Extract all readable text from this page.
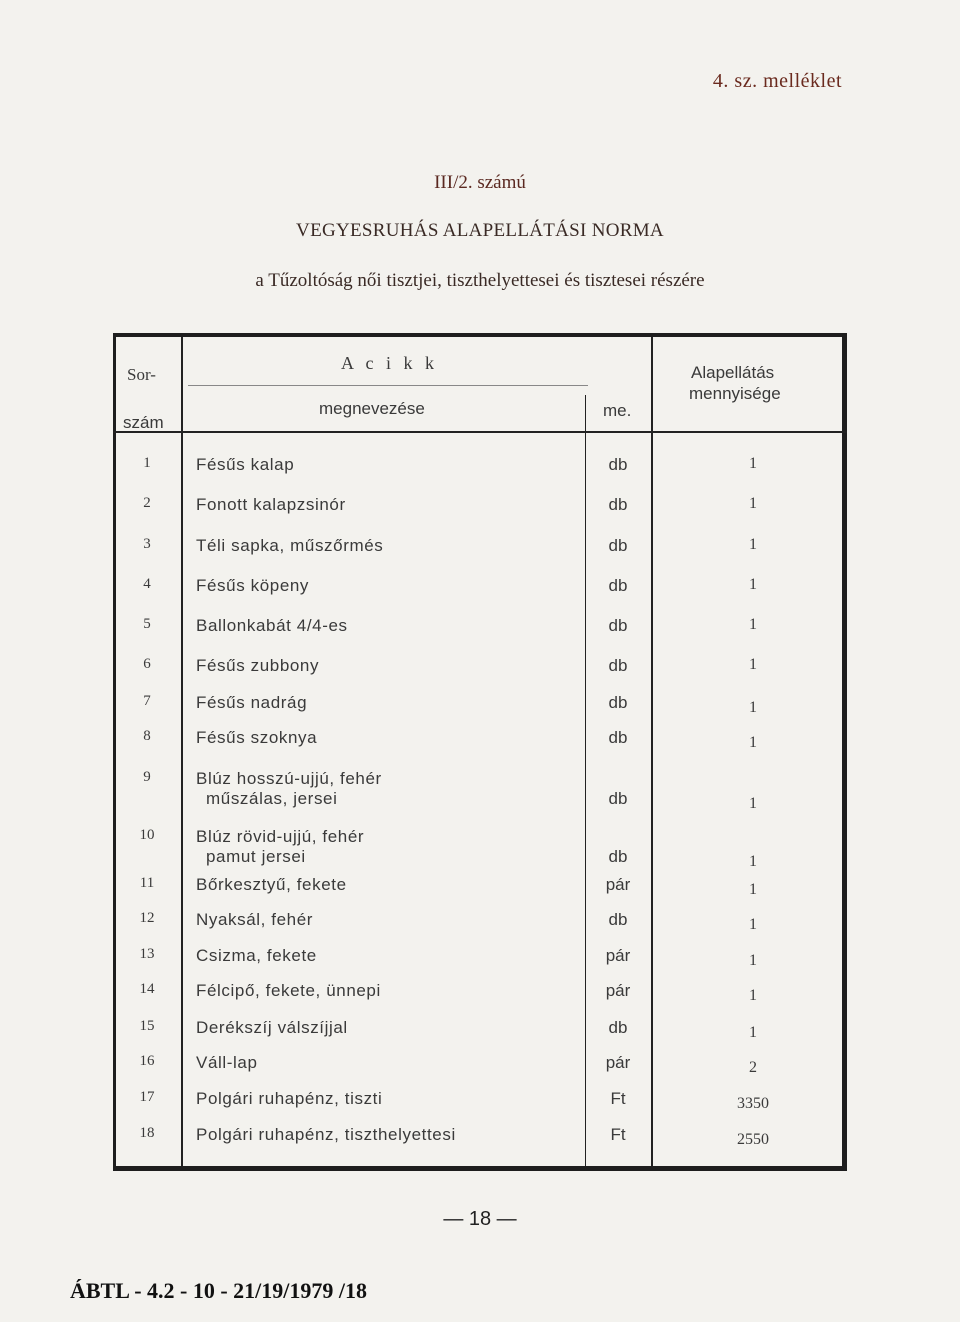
4. sz. melléklet
III/2. számú
VEGYESRUHÁS ALAPELLÁTÁSI NORMA
a Tűzoltóság női tisztjei, tiszthelyettesei és tisztesei részére
Sor-
szám
A c i k k
megnevezése	me.
Alapellátás
mennyisége
1	Fésűs kalap	db	1
2	Fonott kalapzsinór	db	1
3	Téli sapka, műszőrmés	db	1
4	Fésűs köpeny	db	1
5	Ballonkabát 4/4-es	db	1
6	Fésűs zubbony	db	1
7	Fésűs nadrág	db	1
8	Fésűs szoknya	db	1
9	Blúz hosszú-ujjú, fehér
műszálas, jersei	db	1
10	Blúz rövid-ujjú, fehér
pamut jersei	db	1
11	Bőrkesztyű, fekete	pár	1
12	Nyaksál, fehér	db	1
13	Csizma, fekete	pár	1
14	Félcipő, fekete, ünnepi	pár	1
15	Derékszíj válszíjjal	db	1
16	Váll-lap	pár	2
17	Polgári ruhapénz, tiszti	Ft	3350
18	Polgári ruhapénz, tiszthelyettesi	Ft	2550
— 18 —
ÁBTL - 4.2 - 10 - 21/19/1979 /18
